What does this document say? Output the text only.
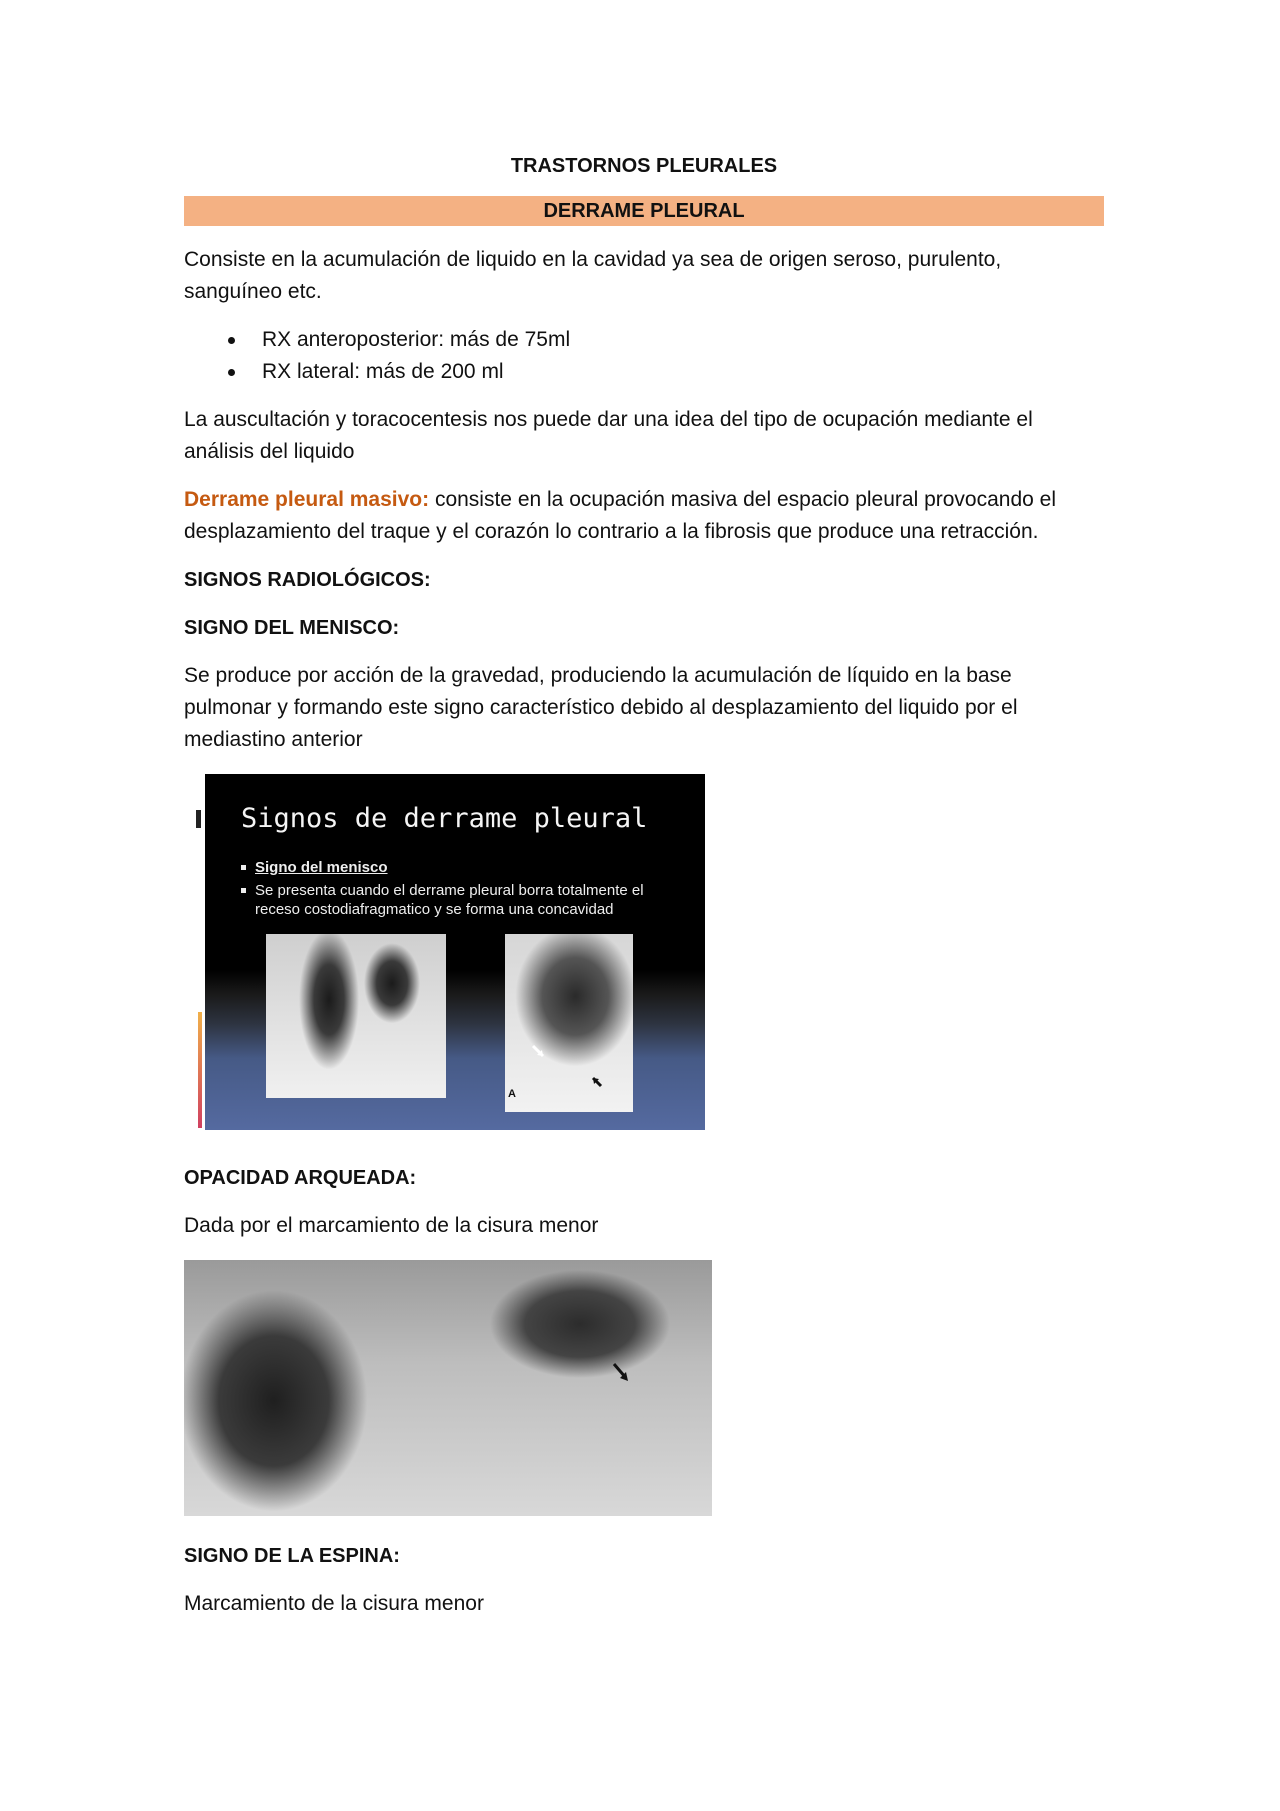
TRASTORNOS PLEURALES
DERRAME PLEURAL

Consiste en la acumulación de liquido en la cavidad ya sea de origen seroso, purulento, sanguíneo etc.

RX anteroposterior: más de 75ml
RX lateral: más de 200 ml

La auscultación y toracocentesis nos puede dar una idea del tipo de ocupación mediante el análisis del liquido

Derrame pleural masivo: consiste en la ocupación masiva del espacio pleural provocando el desplazamiento del traque y el corazón lo contrario a la fibrosis que produce una retracción.

SIGNOS RADIOLÓGICOS:
SIGNO DEL MENISCO:

Se produce por acción de la gravedad, produciendo la acumulación de líquido en la base pulmonar y formando este signo característico debido al desplazamiento del liquido por el mediastino anterior

Signos de derrame pleural
Signo del menisco
Se presenta cuando el derrame pleural borra totalmente el receso costodiafragmatico y se forma una concavidad
A
OPACIDAD ARQUEADA:

Dada por el marcamiento de la cisura menor

SIGNO DE LA ESPINA:

Marcamiento de la cisura menor
